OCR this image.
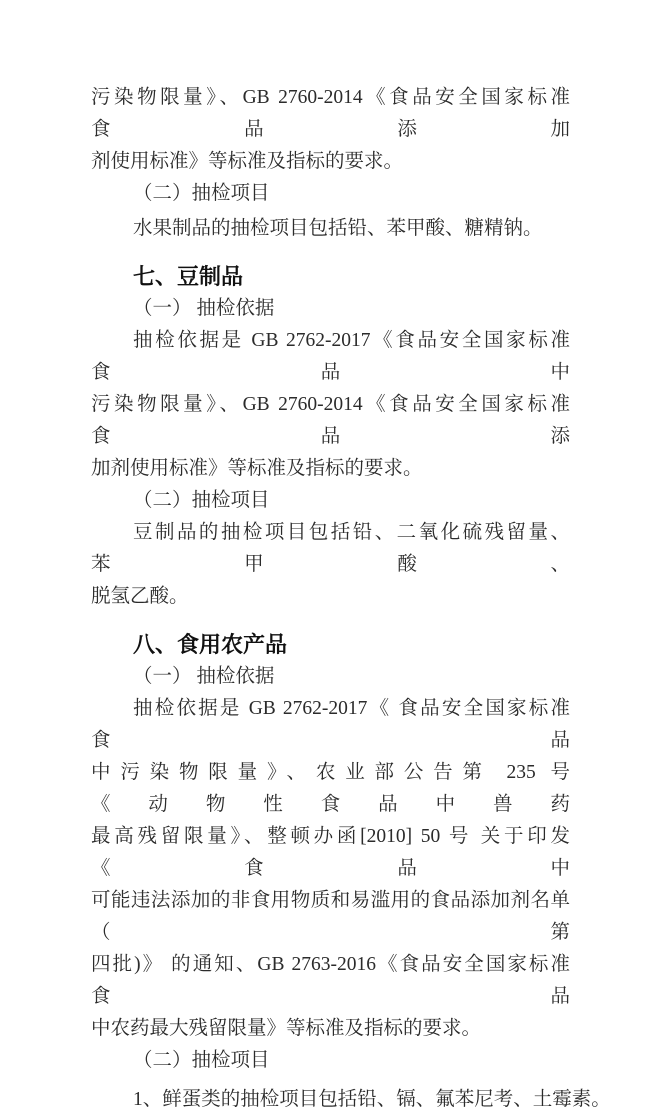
污染物限量》、GB 2760-2014《食品安全国家标准 食品添加
剂使用标准》等标准及指标的要求。
（二）抽检项目
水果制品的抽检项目包括铅、苯甲酸、糖精钠。
七、豆制品
（一） 抽检依据
抽检依据是 GB 2762-2017《食品安全国家标准 食品中
污染物限量》、GB 2760-2014《食品安全国家标准 食品添
加剂使用标准》等标准及指标的要求。
（二）抽检项目
豆制品的抽检项目包括铅、二氧化硫残留量、苯甲酸、
脱氢乙酸。
八、食用农产品
（一） 抽检依据
抽检依据是 GB 2762-2017《 食品安全国家标准 食品
中污染物限量》、农业部公告第 235 号《动物性食品中兽药
最高残留限量》、整顿办函[2010] 50 号 关于印发《食品中
可能违法添加的非食用物质和易滥用的食品添加剂名单（第
四批)》 的通知、GB 2763-2016《食品安全国家标准 食品
中农药最大残留限量》等标准及指标的要求。
（二）抽检项目
1、鲜蛋类的抽检项目包括铅、镉、氟苯尼考、土霉素。
